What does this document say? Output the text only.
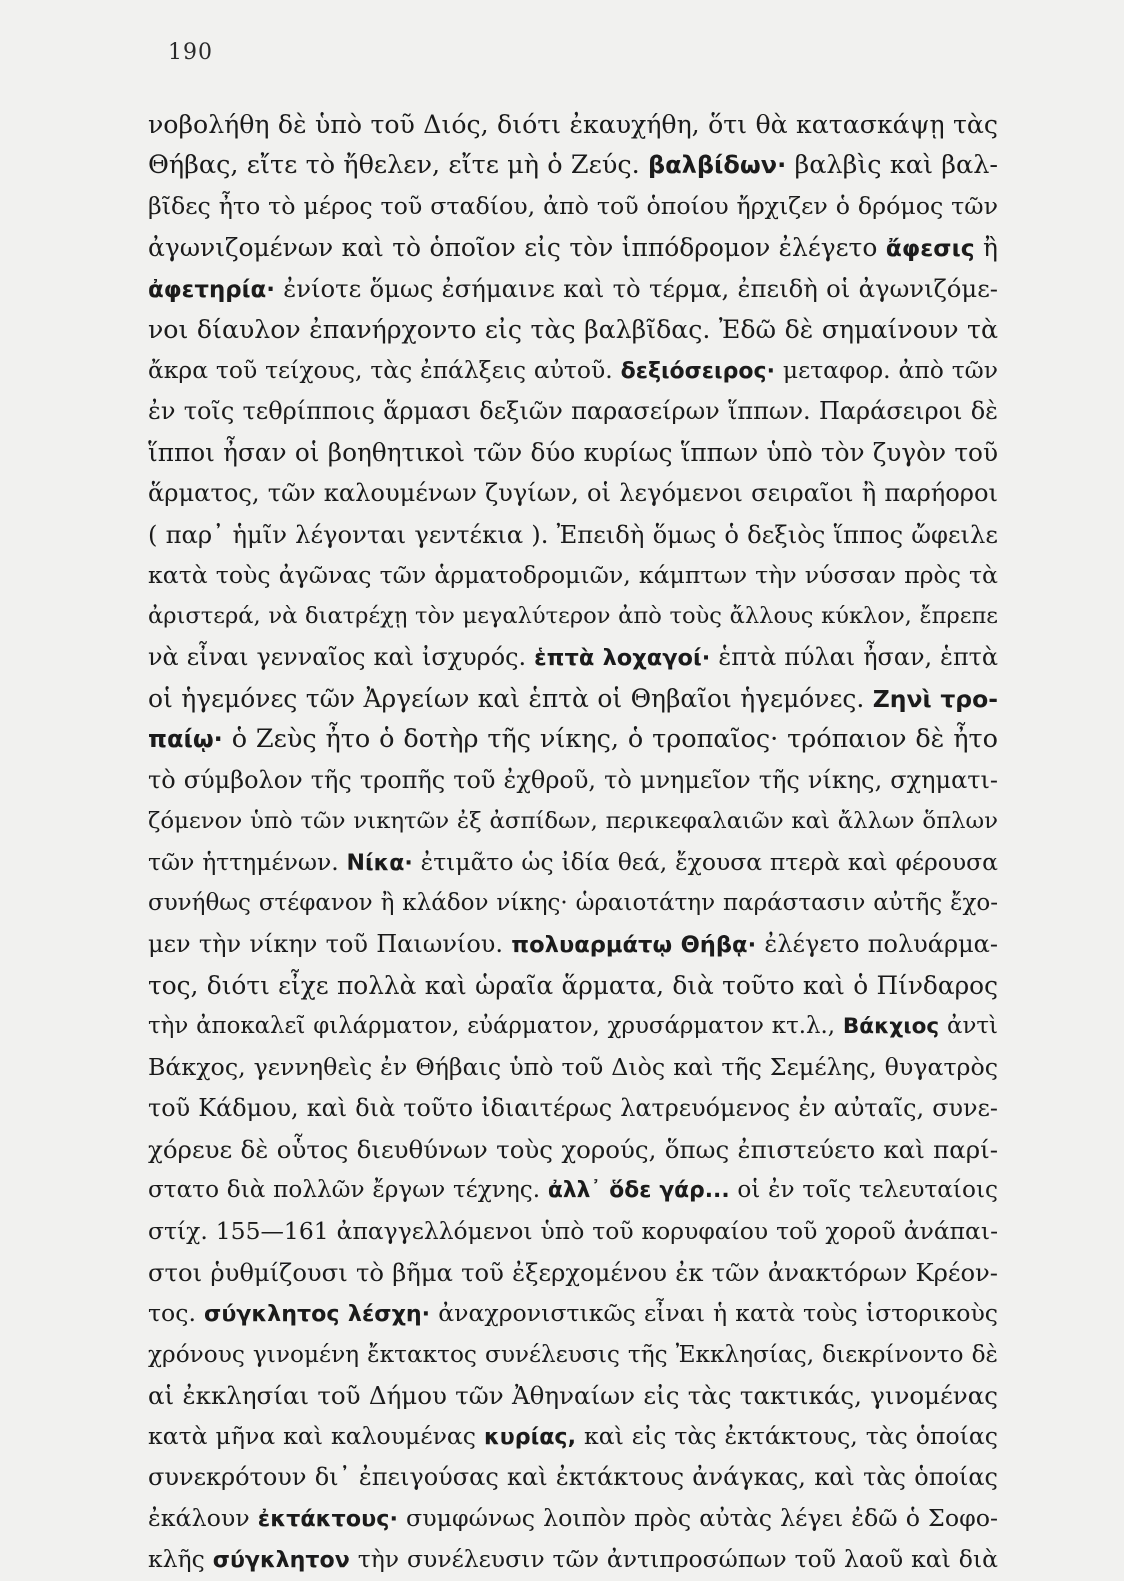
190
νοβολήθη δὲ ὑπὸ τοῦ Διός, διότι ἐκαυχήθη, ὅτι θὰ κατασκάψῃ τὰς
Θήβας, εἴτε τὸ ἤθελεν, εἴτε μὴ ὁ Ζεύς. βαλβίδων· βαλβὶς καὶ βαλ-
βῖδες ἦτο τὸ μέρος τοῦ σταδίου, ἀπὸ τοῦ ὁποίου ἤρχιζεν ὁ δρόμος τῶν
ἀγωνιζομένων καὶ τὸ ὁποῖον εἰς τὸν ἱππόδρομον ἐλέγετο ἄφεσις ἢ
ἀφετηρία· ἐνίοτε ὅμως ἐσήμαινε καὶ τὸ τέρμα, ἐπειδὴ οἱ ἀγωνιζόμε-
νοι δίαυλον ἐπανήρχοντο εἰς τὰς βαλβῖδας. Ἐδῶ δὲ σημαίνουν τὰ
ἄκρα τοῦ τείχους, τὰς ἐπάλξεις αὐτοῦ. δεξιόσειρος· μεταφορ. ἀπὸ τῶν
ἐν τοῖς τεθρίπποις ἅρμασι δεξιῶν παρασείρων ἵππων. Παράσειροι δὲ
ἵπποι ἦσαν οἱ βοηθητικοὶ τῶν δύο κυρίως ἵππων ὑπὸ τὸν ζυγὸν τοῦ
ἅρματος, τῶν καλουμένων ζυγίων, οἱ λεγόμενοι σειραῖοι ἢ παρήοροι
( παρ᾽ ἡμῖν λέγονται γεντέκια ). Ἐπειδὴ ὅμως ὁ δεξιὸς ἵππος ὤφειλε
κατὰ τοὺς ἀγῶνας τῶν ἁρματοδρομιῶν, κάμπτων τὴν νύσσαν πρὸς τὰ
ἀριστερά, νὰ διατρέχῃ τὸν μεγαλύτερον ἀπὸ τοὺς ἄλλους κύκλον, ἔπρεπε
νὰ εἶναι γενναῖος καὶ ἰσχυρός. ἑπτὰ λοχαγοί· ἑπτὰ πύλαι ἦσαν, ἑπτὰ
οἱ ἡγεμόνες τῶν Ἀργείων καὶ ἑπτὰ οἱ Θηβαῖοι ἡγεμόνες. Ζηνὶ τρο-
παίῳ· ὁ Ζεὺς ἦτο ὁ δοτὴρ τῆς νίκης, ὁ τροπαῖος· τρόπαιον δὲ ἦτο
τὸ σύμβολον τῆς τροπῆς τοῦ ἐχθροῦ, τὸ μνημεῖον τῆς νίκης, σχηματι-
ζόμενον ὑπὸ τῶν νικητῶν ἐξ ἀσπίδων, περικεφαλαιῶν καὶ ἄλλων ὅπλων
τῶν ἡττημένων. Νίκα· ἐτιμᾶτο ὡς ἰδία θεά, ἔχουσα πτερὰ καὶ φέρουσα
συνήθως στέφανον ἢ κλάδον νίκης· ὡραιοτάτην παράστασιν αὐτῆς ἔχο-
μεν τὴν νίκην τοῦ Παιωνίου. πολυαρμάτῳ Θήβᾳ· ἐλέγετο πολυάρμα-
τος, διότι εἶχε πολλὰ καὶ ὡραῖα ἅρματα, διὰ τοῦτο καὶ ὁ Πίνδαρος
τὴν ἀποκαλεῖ φιλάρματον, εὐάρματον, χρυσάρματον κτ.λ., Βάκχιος ἀντὶ
Βάκχος, γεννηθεὶς ἐν Θήβαις ὑπὸ τοῦ Διὸς καὶ τῆς Σεμέλης, θυγατρὸς
τοῦ Κάδμου, καὶ διὰ τοῦτο ἰδιαιτέρως λατρευόμενος ἐν αὐταῖς, συνε-
χόρευε δὲ οὗτος διευθύνων τοὺς χορούς, ὅπως ἐπιστεύετο καὶ παρί-
στατο διὰ πολλῶν ἔργων τέχνης. ἀλλ᾽ ὅδε γάρ... οἱ ἐν τοῖς τελευταίοις
στίχ. 155—161 ἀπαγγελλόμενοι ὑπὸ τοῦ κορυφαίου τοῦ χοροῦ ἀνάπαι-
στοι ῥυθμίζουσι τὸ βῆμα τοῦ ἐξερχομένου ἐκ τῶν ἀνακτόρων Κρέον-
τος. σύγκλητος λέσχη· ἀναχρονιστικῶς εἶναι ἡ κατὰ τοὺς ἱστορικοὺς
χρόνους γινομένη ἔκτακτος συνέλευσις τῆς Ἐκκλησίας, διεκρίνοντο δὲ
αἱ ἐκκλησίαι τοῦ Δήμου τῶν Ἀθηναίων εἰς τὰς τακτικάς, γινομένας
κατὰ μῆνα καὶ καλουμένας κυρίας, καὶ εἰς τὰς ἐκτάκτους, τὰς ὁποίας
συνεκρότουν δι᾽ ἐπειγούσας καὶ ἐκτάκτους ἀνάγκας, καὶ τὰς ὁποίας
ἐκάλουν ἐκτάκτους· συμφώνως λοιπὸν πρὸς αὐτὰς λέγει ἐδῶ ὁ Σοφο-
κλῆς σύγκλητον τὴν συνέλευσιν τῶν ἀντιπροσώπων τοῦ λαοῦ καὶ διὰ
